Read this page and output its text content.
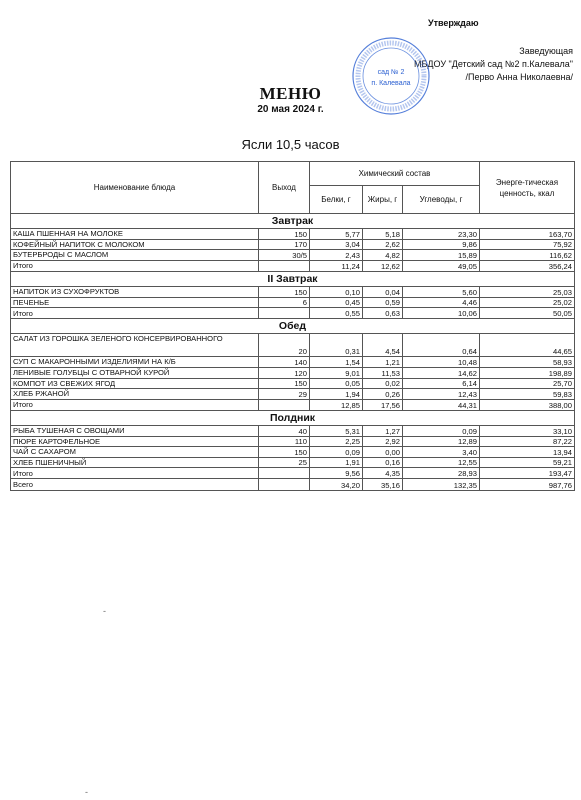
Утверждаю
Заведующая
МБДОУ "Детский сад №2 п.Калевала"
/Перво Анна Николаевна/
сад № 2
п. Калевала
МЕНЮ
20 мая 2024 г.
Ясли 10,5 часов
Наименование блюда	Выход	Химический состав			Энерге-тическая ценность, ккал
		Белки, г	Жиры, г	Углеводы, г	
Завтрак					
КАША ПШЕННАЯ НА МОЛОКЕ	150	5,77	5,18	23,30	163,70
КОФЕЙНЫЙ НАПИТОК С МОЛОКОМ	170	3,04	2,62	9,86	75,92
БУТЕРБРОДЫ С МАСЛОМ	30/5	2,43	4,82	15,89	116,62
Итого		11,24	12,62	49,05	356,24
II Завтрак					
НАПИТОК ИЗ СУХОФРУКТОВ	150	0,10	0,04	5,60	25,03
ПЕЧЕНЬЕ	6	0,45	0,59	4,46	25,02
Итого		0,55	0,63	10,06	50,05
Обед					
САЛАТ ИЗ ГОРОШКА ЗЕЛЕНОГО КОНСЕРВИРОВАННОГО	20	0,31	4,54	0,64	44,65
СУП С МАКАРОННЫМИ ИЗДЕЛИЯМИ НА К/Б	140	1,54	1,21	10,48	58,93
ЛЕНИВЫЕ ГОЛУБЦЫ С ОТВАРНОЙ КУРОЙ	120	9,01	11,53	14,62	198,89
КОМПОТ ИЗ СВЕЖИХ ЯГОД	150	0,05	0,02	6,14	25,70
ХЛЕБ РЖАНОЙ	29	1,94	0,26	12,43	59,83
Итого		12,85	17,56	44,31	388,00
Полдник					
РЫБА ТУШЕНАЯ С ОВОЩАМИ	40	5,31	1,27	0,09	33,10
ПЮРЕ КАРТОФЕЛЬНОЕ	110	2,25	2,92	12,89	87,22
ЧАЙ С САХАРОМ	150	0,09	0,00	3,40	13,94
ХЛЕБ ПШЕНИЧНЫЙ	25	1,91	0,16	12,55	59,21
Итого		9,56	4,35	28,93	193,47
Всего		34,20	35,16	132,35	987,76
-
-
